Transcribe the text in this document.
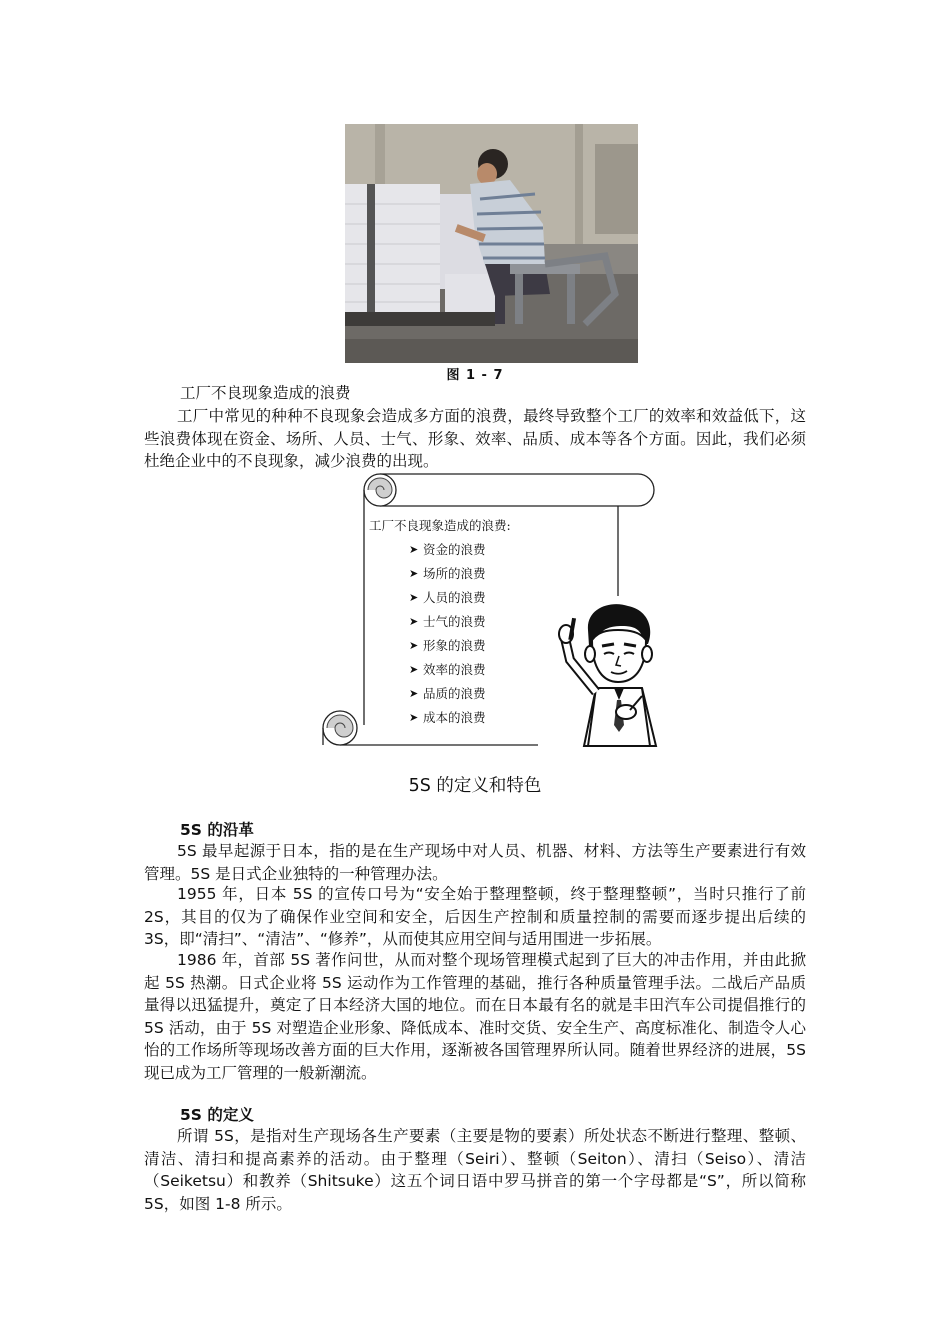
图 1 - 7
工厂不良现象造成的浪费

工厂中常见的种种不良现象会造成多方面的浪费，最终导致整个工厂的效率和效益低下，这些浪费体现在资金、场所、人员、士气、形象、效率、品质、成本等各个方面。因此，我们必须杜绝企业中的不良现象，减少浪费的出现。

工厂不良现象造成的浪费:
➤ 资金的浪费
➤ 场所的浪费
➤ 人员的浪费
➤ 士气的浪费
➤ 形象的浪费
➤ 效率的浪费
➤ 品质的浪费
➤ 成本的浪费
5S 的定义和特色
5S 的沿革

5S 最早起源于日本，指的是在生产现场中对人员、机器、材料、方法等生产要素进行有效管理。5S 是日式企业独特的一种管理办法。

1955 年，日本 5S 的宣传口号为“安全始于整理整顿，终于整理整顿”，当时只推行了前 2S，其目的仅为了确保作业空间和安全，后因生产控制和质量控制的需要而逐步提出后续的 3S，即“清扫”、“清洁”、“修养”，从而使其应用空间与适用围进一步拓展。

1986 年，首部 5S 著作问世，从而对整个现场管理模式起到了巨大的冲击作用，并由此掀起 5S 热潮。日式企业将 5S 运动作为工作管理的基础，推行各种质量管理手法。二战后产品质量得以迅猛提升，奠定了日本经济大国的地位。而在日本最有名的就是丰田汽车公司提倡推行的 5S 活动，由于 5S 对塑造企业形象、降低成本、准时交货、安全生产、高度标准化、制造令人心怡的工作场所等现场改善方面的巨大作用，逐渐被各国管理界所认同。随着世界经济的进展，5S 现已成为工厂管理的一般新潮流。

5S 的定义

所谓 5S，是指对生产现场各生产要素（主要是物的要素）所处状态不断进行整理、整顿、清洁、清扫和提高素养的活动。由于整理（Seiri）、整顿（Seiton）、清扫（Seiso）、清洁（Seiketsu）和教养（Shitsuke）这五个词日语中罗马拼音的第一个字母都是“S”，所以简称 5S，如图 1-8 所示。
